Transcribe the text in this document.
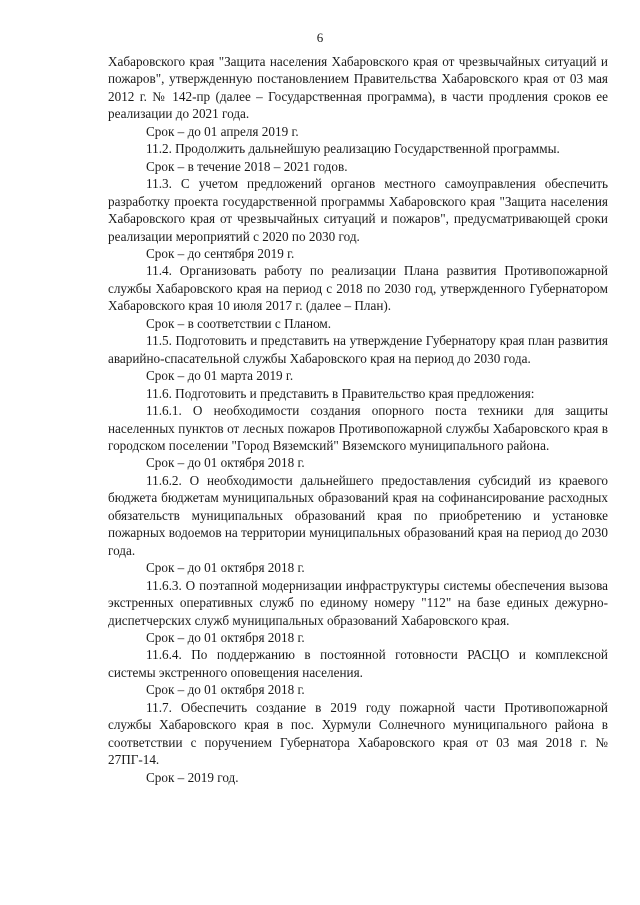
6

Хабаровского края "Защита населения Хабаровского края от чрезвычайных ситуаций и пожаров", утвержденную постановлением Правительства Хабаровского края от 03 мая 2012 г. № 142-пр (далее – Государственная программа), в части продления сроков ее реализации до 2021 года.

Срок – до 01 апреля 2019 г.

11.2. Продолжить дальнейшую реализацию Государственной программы.

Срок – в течение 2018 – 2021 годов.

11.3. С учетом предложений органов местного самоуправления обеспечить разработку проекта государственной программы Хабаровского края "Защита населения Хабаровского края от чрезвычайных ситуаций и пожаров", предусматривающей сроки реализации мероприятий с 2020 по 2030 год.

Срок – до сентября 2019 г.

11.4. Организовать работу по реализации Плана развития Противопожарной службы Хабаровского края на период с 2018 по 2030 год, утвержденного Губернатором Хабаровского края 10 июля 2017 г. (далее – План).

Срок – в соответствии с Планом.

11.5. Подготовить и представить на утверждение Губернатору края план развития аварийно-спасательной службы Хабаровского края на период до 2030 года.

Срок – до 01 марта 2019 г.

11.6. Подготовить и представить в Правительство края предложения:

11.6.1. О необходимости создания опорного поста техники для защиты населенных пунктов от лесных пожаров Противопожарной службы Хабаровского края в городском поселении "Город Вяземский" Вяземского муниципального района.

Срок – до 01 октября 2018 г.

11.6.2. О необходимости дальнейшего предоставления субсидий из краевого бюджета бюджетам муниципальных образований края на софинансирование расходных обязательств муниципальных образований края по приобретению и установке пожарных водоемов на территории муниципальных образований края на период до 2030 года.

Срок – до 01 октября 2018 г.

11.6.3. О поэтапной модернизации инфраструктуры системы обеспечения вызова экстренных оперативных служб по единому номеру "112" на базе единых дежурно-диспетчерских служб муниципальных образований Хабаровского края.

Срок – до 01 октября 2018 г.

11.6.4. По поддержанию в постоянной готовности РАСЦО и комплексной системы экстренного оповещения населения.

Срок – до 01 октября 2018 г.

11.7. Обеспечить создание в 2019 году пожарной части Противопожарной службы Хабаровского края в пос. Хурмули Солнечного муниципального района в соответствии с поручением Губернатора Хабаровского края от 03 мая 2018 г. № 27ПГ-14.

Срок – 2019 год.
